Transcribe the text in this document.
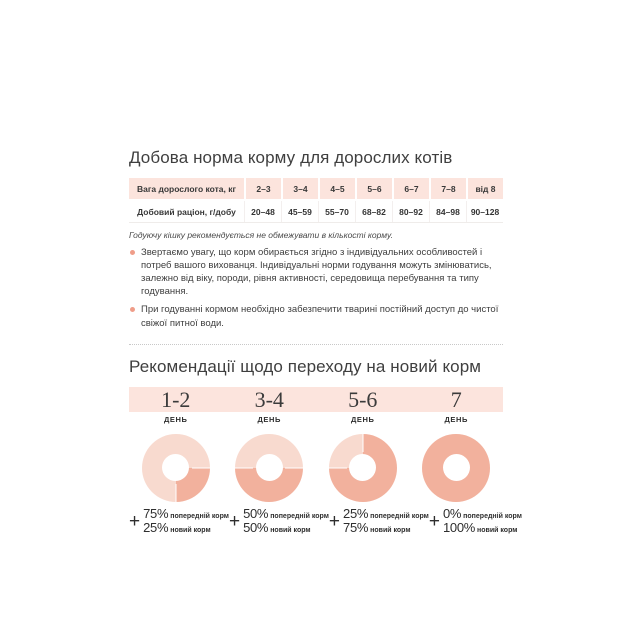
Добова норма корму для дорослих котів
Вага дорослого кота, кг	2–3	3–4	4–5	5–6	6–7	7–8	від 8
Добовий раціон, г/добу	20–48	45–59	55–70	68–82	80–92	84–98	90–128
Годуючу кішку рекомендується не обмежувати в кількості корму.
Звертаємо увагу, що корм обирається згідно з індивідуальних особливостей і потреб вашого вихованця. Індивідуальні норми годування можуть змінюватись, залежно від віку, породи, рівня активності, середовища перебування та типу годування.
При годуванні кормом необхідно забезпечити тварині постійний доступ до чистої свіжої питної води.
Рекомендації щодо переходу на новий корм
1-2	3-4	5-6	7
ДЕНЬ	ДЕНЬ	ДЕНЬ	ДЕНЬ
+ 75% попередній корм
25% новий корм + 50% попередній корм
50% новий корм + 25% попередній корм
75% новий корм + 0% попередній корм
100% новий корм
